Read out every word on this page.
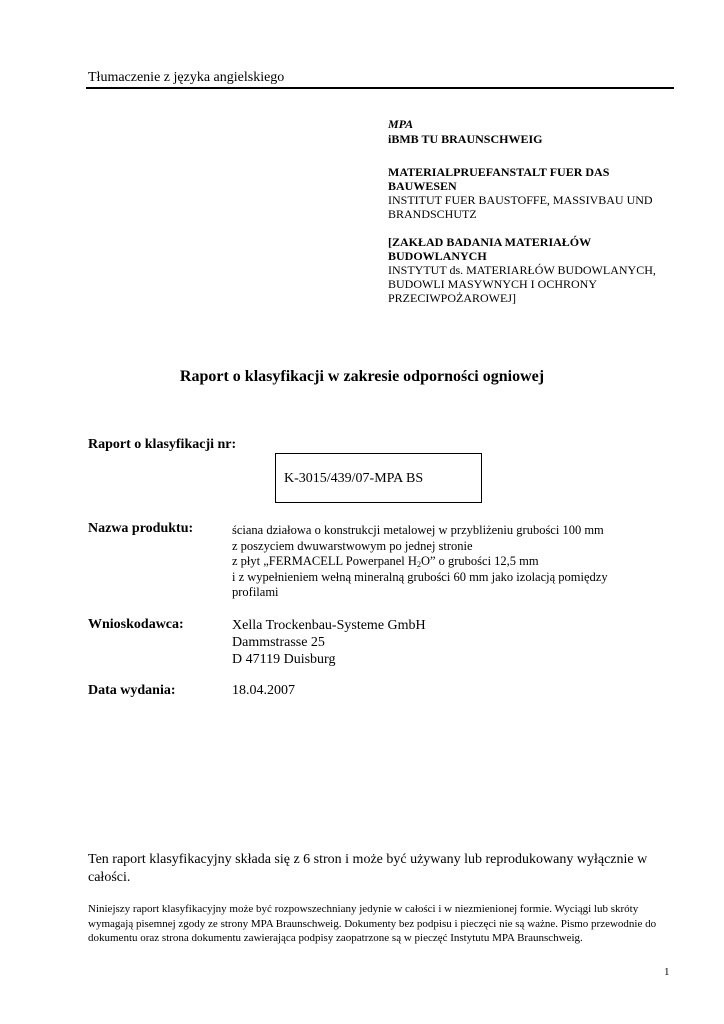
Tłumaczenie z języka angielskiego
MPA
iBMB TU BRAUNSCHWEIG
MATERIALPRUEFANSTALT FUER DAS
BAUWESEN
INSTITUT FUER BAUSTOFFE, MASSIVBAU UND
BRANDSCHUTZ
[ZAKŁAD BADANIA MATERIAŁÓW
BUDOWLANYCH
INSTYTUT ds. MATERIARŁÓW BUDOWLANYCH,
BUDOWLI MASYWNYCH I OCHRONY
PRZECIWPOŻAROWEJ]
Raport o klasyfikacji w zakresie odporności ogniowej
Raport o klasyfikacji nr:
K-3015/439/07-MPA BS
Nazwa produktu:	ściana działowa o konstrukcji metalowej w przybliżeniu grubości 100 mm
z poszyciem dwuwarstwowym po jednej stronie
z płyt „FERMACELL Powerpanel $H_2O$” o grubości 12,5 mm
i z wypełnieniem wełną mineralną grubości 60 mm jako izolacją pomiędzy
profilami
Wnioskodawca:	Xella Trockenbau-Systeme GmbH
Dammstrasse 25
D 47119 Duisburg
Data wydania:	18.04.2007
Ten raport klasyfikacyjny składa się z 6 stron i może być używany lub reprodukowany wyłącznie w całości.
Niniejszy raport klasyfikacyjny może być rozpowszechniany jedynie w całości i w niezmienionej formie. Wyciągi lub skróty wymagają pisemnej zgody ze strony MPA Braunschweig. Dokumenty bez podpisu i pieczęci nie są ważne. Pismo przewodnie do dokumentu oraz strona dokumentu zawierająca podpisy zaopatrzone są w pieczęć Instytutu MPA Braunschweig.
1
